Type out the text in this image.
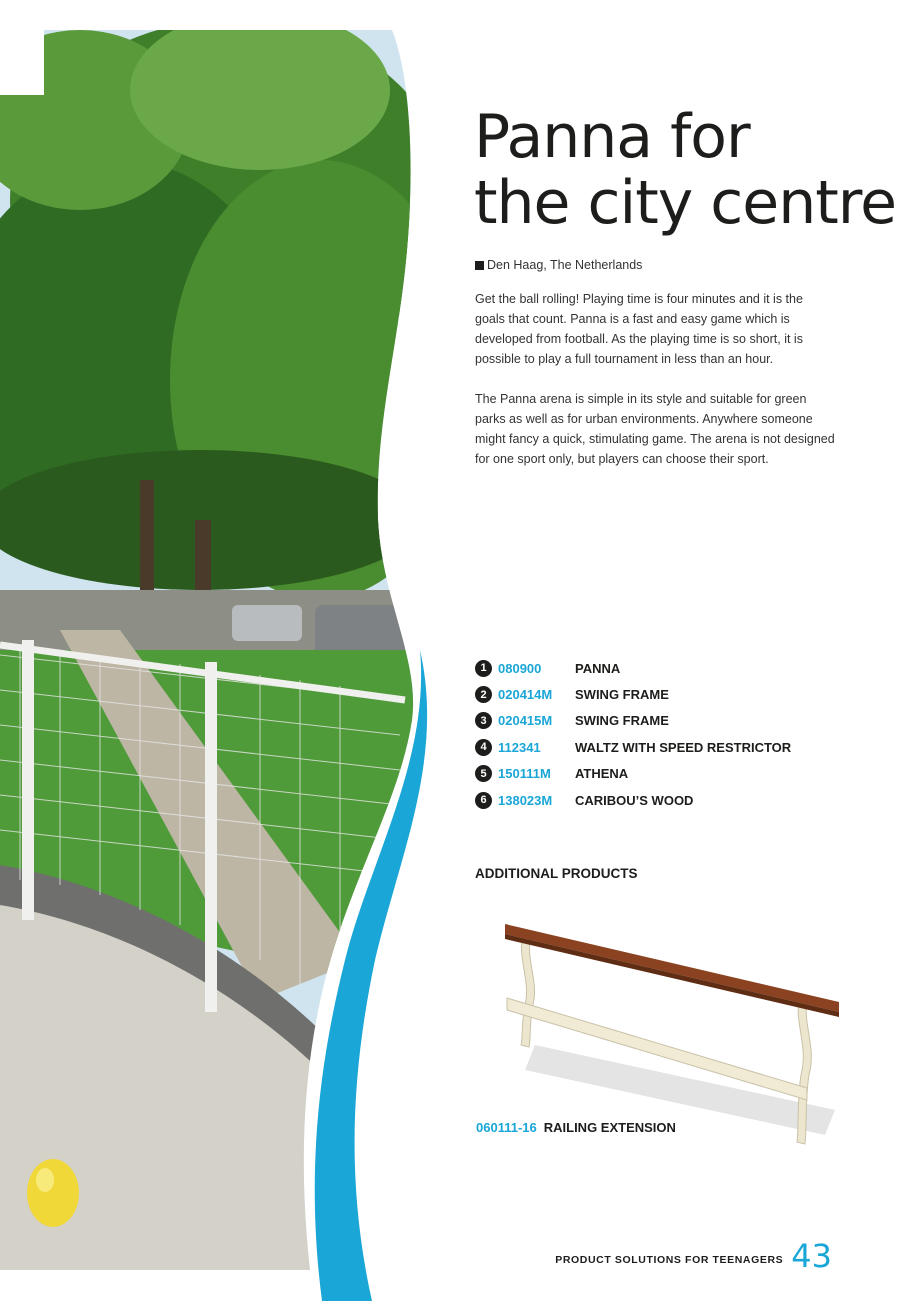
Panna for
the city centre
Den Haag, The Netherlands

Get the ball rolling! Playing time is four minutes and it is the goals that count. Panna is a fast and easy game which is developed from football. As the playing time is so short, it is possible to play a full tournament in less than an hour.

The Panna arena is simple in its style and suitable for green parks as well as for urban environments. Anywhere someone might fancy a quick, stimulating game. The arena is not designed for one sport only, but players can choose their sport.

1 080900	PANNA
2 020414M	SWING FRAME
3 020415M	SWING FRAME
4 112341	WALTZ WITH SPEED RESTRICTOR
5 150111M	ATHENA
6 138023M	CARIBOU’S WOOD
ADDITIONAL PRODUCTS
060111-16 RAILING EXTENSION
PRODUCT SOLUTIONS FOR TEENAGERS 43
